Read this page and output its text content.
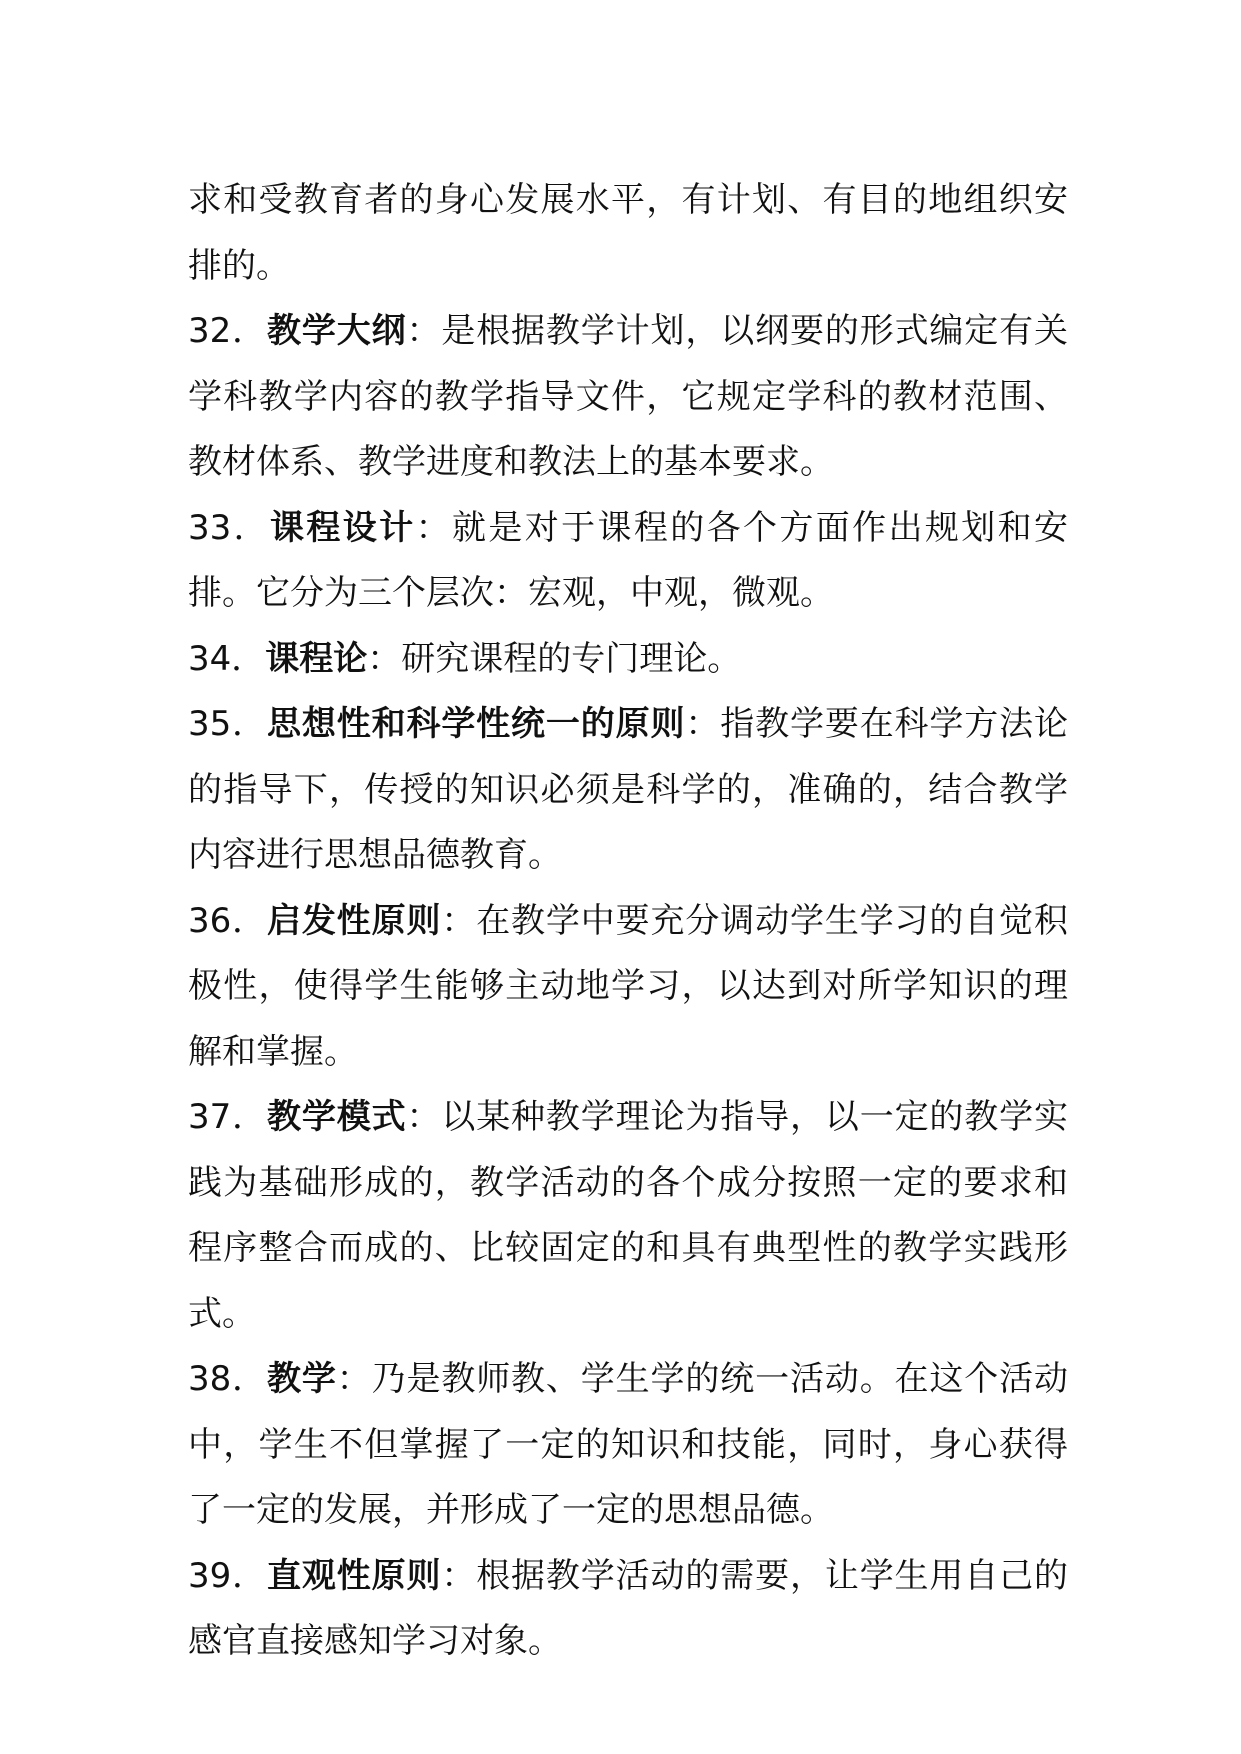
求和受教育者的身心发展水平，有计划、有目的地组织安排的。

32．教学大纲：是根据教学计划，以纲要的形式编定有关学科教学内容的教学指导文件，它规定学科的教材范围、教材体系、教学进度和教法上的基本要求。

33．课程设计：就是对于课程的各个方面作出规划和安排。它分为三个层次：宏观，中观，微观。

34．课程论：研究课程的专门理论。

35．思想性和科学性统一的原则：指教学要在科学方法论的指导下，传授的知识必须是科学的，准确的，结合教学内容进行思想品德教育。

36．启发性原则：在教学中要充分调动学生学习的自觉积极性，使得学生能够主动地学习，以达到对所学知识的理解和掌握。

37．教学模式：以某种教学理论为指导，以一定的教学实践为基础形成的，教学活动的各个成分按照一定的要求和程序整合而成的、比较固定的和具有典型性的教学实践形式。

38．教学：乃是教师教、学生学的统一活动。在这个活动中，学生不但掌握了一定的知识和技能，同时，身心获得了一定的发展，并形成了一定的思想品德。

39．直观性原则：根据教学活动的需要，让学生用自己的感官直接感知学习对象。
